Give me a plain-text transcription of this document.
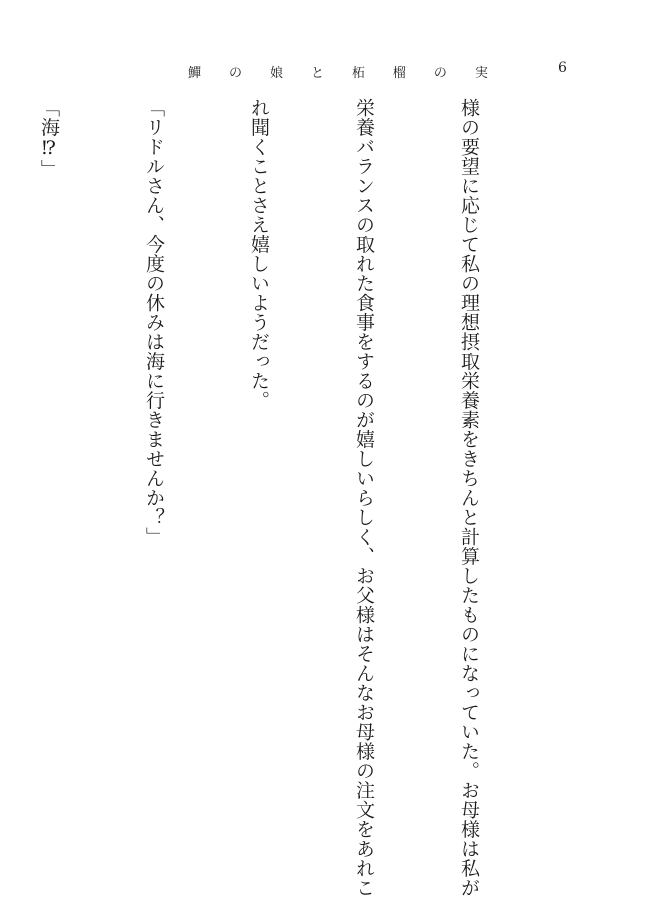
鱓 の 娘 と 柘 榴 の 実	6

様の要望に応じて私の理想摂取栄養素をきちんと計算したものになっていた。お母様は私が

栄養バランスの取れた食事をするのが嬉しいらしく、お父様はそんなお母様の注文をあれこ

れ聞くことさえ嬉しいようだった。

「リドルさん、今度の休みは海に行きませんか？」

「海⁉」
